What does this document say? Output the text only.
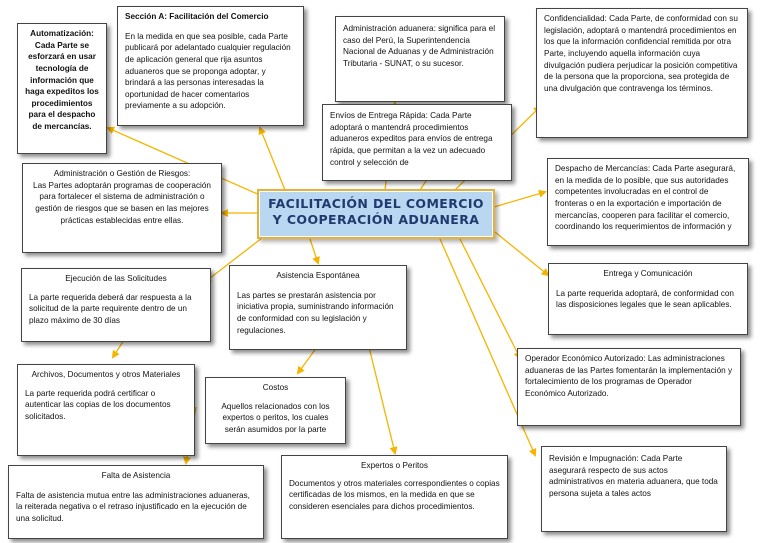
FACILITACIÓN DEL COMERCIO
Y COOPERACIÓN ADUANERA
Automatización:
Cada Parte se esforzará en usar tecnología de información que haga expeditos los procedimientos para el despacho de mercancías.
Sección A: Facilitación del Comercio
En la medida en que sea posible, cada Parte publicará por adelantado cualquier regulación de aplicación general que rija asuntos aduaneros que se proponga adoptar, y brindará a las personas interesadas la oportunidad de hacer comentarios previamente a su adopción.
Administración aduanera: significa para el caso del Perú, la Superintendencia Nacional de Aduanas y de Administración Tributaria - SUNAT, o su sucesor.
Confidencialidad: Cada Parte, de conformidad con su legislación, adoptará o mantendrá procedimientos en los que la información confidencial remitida por otra Parte, incluyendo aquella información cuya divulgación pudiera perjudicar la posición competitiva de la persona que la proporciona, sea protegida de una divulgación que contravenga los términos.
Envíos de Entrega Rápida: Cada Parte adoptará o mantendrá procedimientos aduaneros expeditos para envíos de entrega rápida, que permitan a la vez un adecuado control y selección de
Administración o Gestión de Riesgos:
Las Partes adoptarán programas de cooperación para fortalecer el sistema de administración o gestión de riesgos que se basen en las mejores prácticas establecidas entre ellas.
Despacho de Mercancías: Cada Parte asegurará, en la medida de lo posible, que sus autoridades competentes involucradas en el control de fronteras o en la exportación e importación de mercancías, cooperen para facilitar el comercio, coordinando los requerimientos de información y
Ejecución de las Solicitudes
La parte requerida deberá dar respuesta a la solicitud de la parte requirente dentro de un plazo máximo de 30 días
Asistencia Espontánea
Las partes se prestarán asistencia por iniciativa propia, suministrando información de conformidad con su legislación y regulaciones.
Entrega y Comunicación
La parte requerida adoptará, de conformidad con las disposiciones legales que le sean aplicables.
Archivos, Documentos y otros Materiales
La parte requerida podrá certificar o autenticar las copias de los documentos solicitados.
Costos
Aquellos relacionados con los expertos o peritos, los cuales serán asumidos por la parte
Operador Económico Autorizado: Las administraciones aduaneras de las Partes fomentarán la implementación y fortalecimiento de los programas de Operador Económico Autorizado.
Falta de Asistencia
Falta de asistencia mutua entre las administraciones aduaneras, la reiterada negativa o el retraso injustificado en la ejecución de una solicitud.
Expertos o Peritos
Documentos y otros materiales correspondientes o copias certificadas de los mismos, en la medida en que se consideren esenciales para dichos procedimientos.
Revisión e Impugnación: Cada Parte asegurará respecto de sus actos administrativos en materia aduanera, que toda persona sujeta a tales actos
